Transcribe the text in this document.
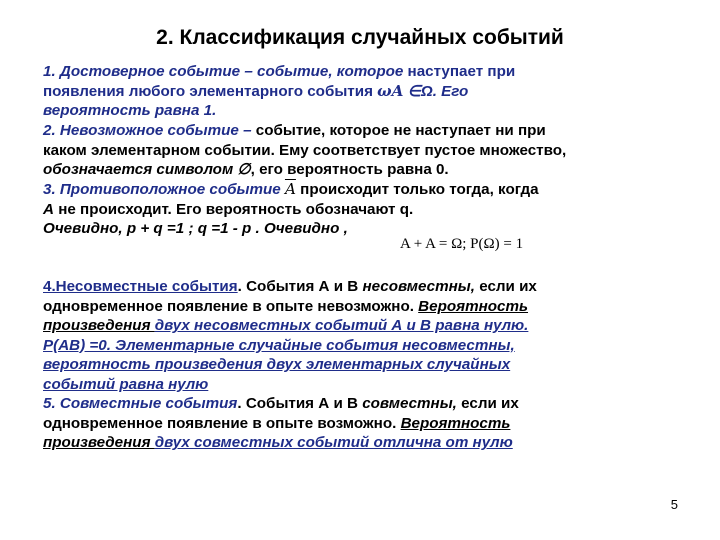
2. Классификация случайных событий
1. Достоверное событие – событие, которое наступает при
появления любого элементарного события ωA ∈Ω. Его
вероятность равна 1.
2. Невозможное событие – событие, которое не наступает ни при
каком элементарном событии. Ему соответствует пустое множество,
обозначается символом ∅, его вероятность равна 0.
3. Противоположное событие $\overline{A}$ происходит только тогда, когда
А не происходит. Его вероятность обозначают q.
Очевидно, p + q =1 ; q =1 - p . Очевидно ,
A + A = Ω; P(Ω) = 1
4.Несовместные события. События А и В несовместны, если их
одновременное появление в опыте невозможно. Вероятность
произведения двух несовместных событий А и В равна нулю.
Р(АВ) =0. Элементарные случайные события несовместны,
вероятность произведения двух элементарных случайных
событий равна нулю
5. Совместные события. События А и В совместны, если их
одновременное появление в опыте возможно. Вероятность
произведения двух совместных событий отлична от нулю
5
